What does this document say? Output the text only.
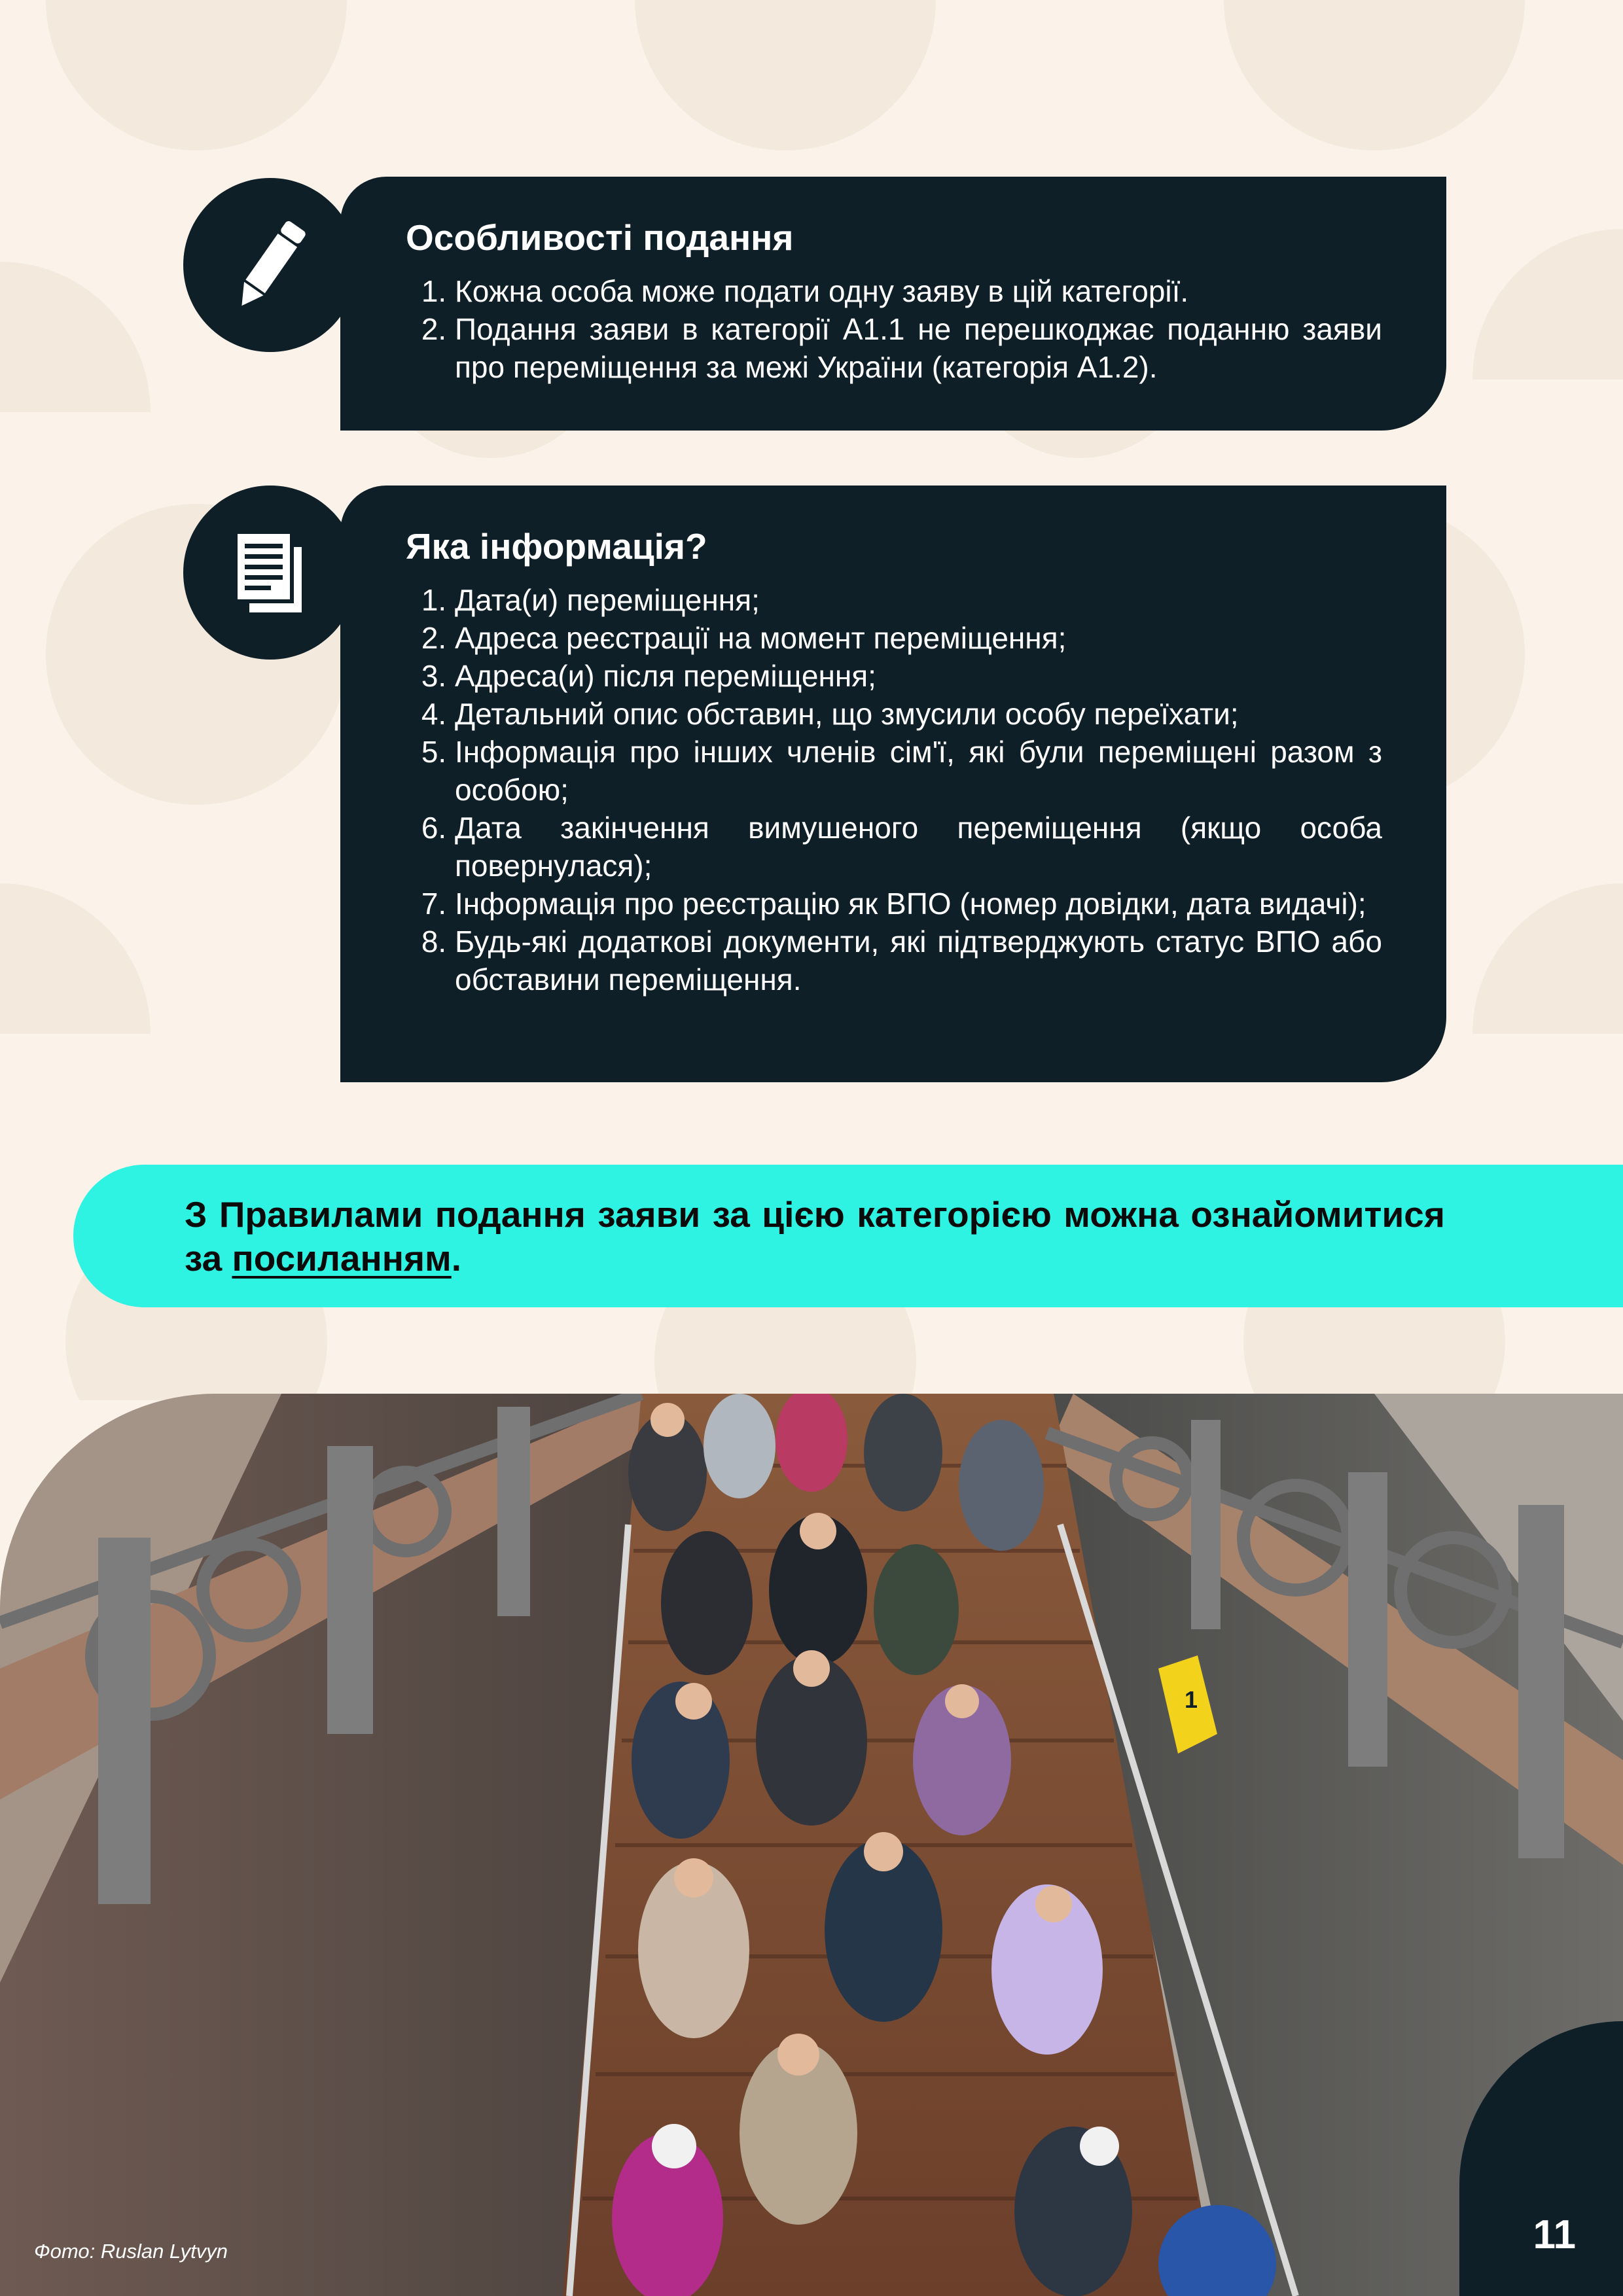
Особливості подання
1. Кожна особа може подати одну заяву в цій категорії.
2. Подання заяви в категорії А1.1 не перешкоджає поданню заяви про переміщення за межі України (категорія А1.2).
Яка інформація?
1. Дата(и) переміщення;
2. Адреса реєстрації на момент переміщення;
3. Адреса(и) після переміщення;
4. Детальний опис обставин, що змусили особу переїхати;
5. Інформація про інших членів сім'ї, які були переміщені разом з особою;
6. Дата закінчення вимушеного переміщення (якщо особа повернулася);
7. Інформація про реєстрацію як ВПО (номер довідки, дата видачі);
8. Будь-які додаткові документи, які підтверджують статус ВПО або обставини переміщення.

З Правилами подання заяви за цією категорією можна ознайомитися за посиланням.

1
Фото: Ruslan Lytvyn	11
